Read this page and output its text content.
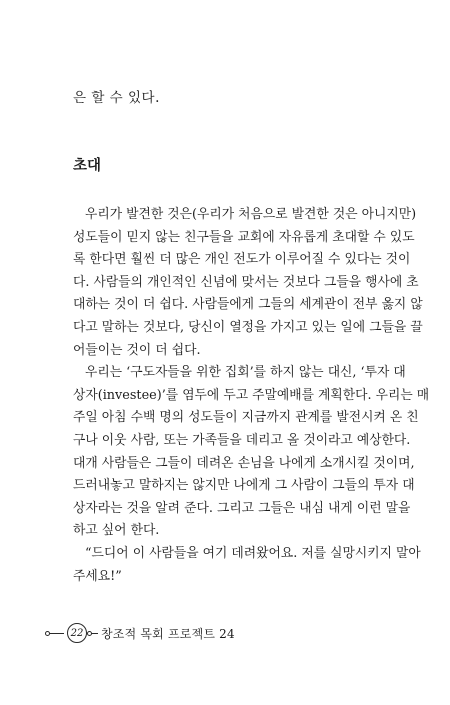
은 할 수 있다.
초대
우리가 발견한 것은(우리가 처음으로 발견한 것은 아니지만)
성도들이 믿지 않는 친구들을 교회에 자유롭게 초대할 수 있도
록 한다면 훨씬 더 많은 개인 전도가 이루어질 수 있다는 것이
다. 사람들의 개인적인 신념에 맞서는 것보다 그들을 행사에 초
대하는 것이 더 쉽다. 사람들에게 그들의 세계관이 전부 옳지 않
다고 말하는 것보다, 당신이 열정을 가지고 있는 일에 그들을 끌
어들이는 것이 더 쉽다.
우리는 ‘구도자들을 위한 집회’를 하지 않는 대신, ‘투자 대
상자(investee)’를 염두에 두고 주말예배를 계획한다. 우리는 매
주일 아침 수백 명의 성도들이 지금까지 관계를 발전시켜 온 친
구나 이웃 사람, 또는 가족들을 데리고 올 것이라고 예상한다.
대개 사람들은 그들이 데려온 손님을 나에게 소개시킬 것이며,
드러내놓고 말하지는 않지만 나에게 그 사람이 그들의 투자 대
상자라는 것을 알려 준다. 그리고 그들은 내심 내게 이런 말을
하고 싶어 한다.
“드디어 이 사람들을 여기 데려왔어요. 저를 실망시키지 말아
주세요!”
22	창조적 목회 프로젝트 24
